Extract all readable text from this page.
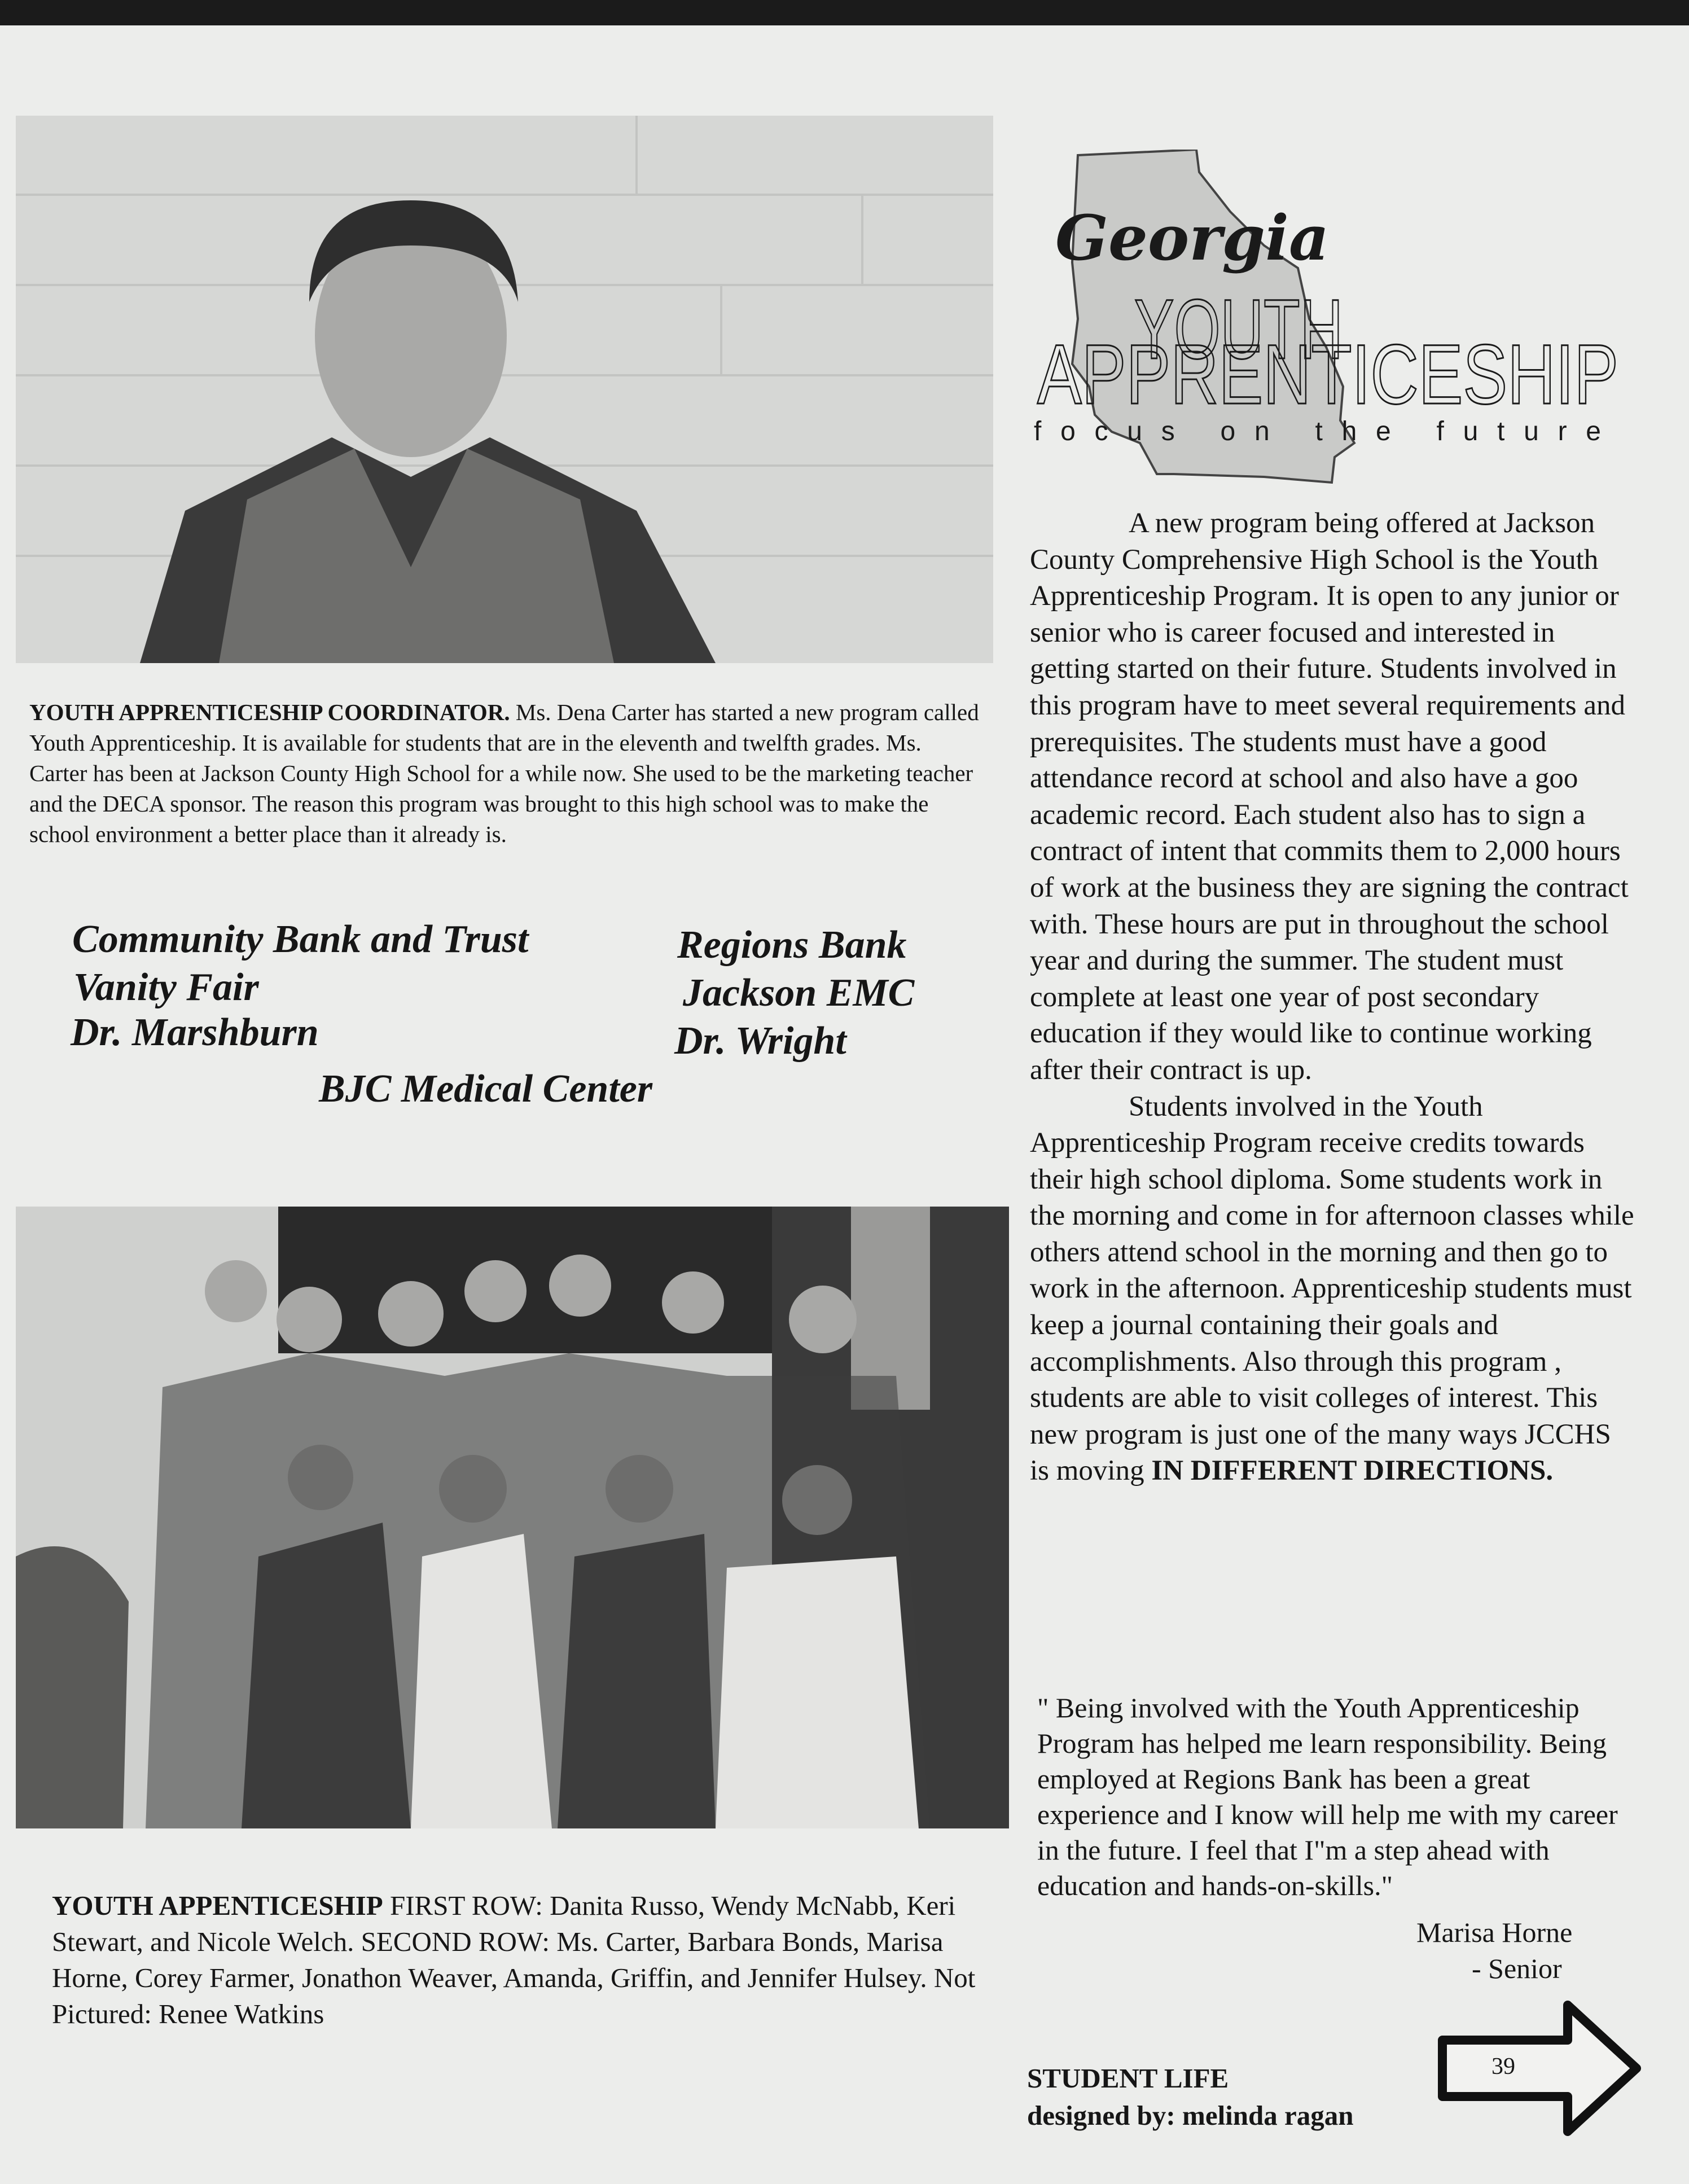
YOUTH APPRENTICESHIP COORDINATOR. Ms. Dena Carter has started a new program called Youth Apprenticeship. It is available for students that are in the eleventh and twelfth grades. Ms. Carter has been at Jackson County High School for a while now. She used to be the marketing teacher and the DECA sponsor. The reason this program was brought to this high school was to make the school environment a better place than it already is.
Community Bank and Trust
Vanity Fair
Dr. Marshburn
Regions Bank
Jackson EMC
Dr. Wright
BJC Medical Center
YOUTH APPENTICESHIP FIRST ROW: Danita Russo, Wendy McNabb, Keri Stewart, and Nicole Welch. SECOND ROW: Ms. Carter, Barbara Bonds, Marisa Horne, Corey Farmer, Jonathon Weaver, Amanda, Griffin, and Jennifer Hulsey. Not Pictured: Renee Watkins
Georgia
YOUTH
APPRENTICESHIP
focus on the future

A new program being offered at Jackson County Comprehensive High School is the Youth Apprenticeship Program. It is open to any junior or senior who is career focused and interested in getting started on their future. Students involved in this program have to meet several requirements and prerequisites. The students must have a good attendance record at school and also have a goo academic record. Each student also has to sign a contract of intent that commits them to 2,000 hours of work at the business they are signing the contract with. These hours are put in throughout the school year and during the summer. The student must complete at least one year of post secondary education if they would like to continue working after their contract is up.

Students involved in the Youth Apprenticeship Program receive credits towards their high school diploma. Some students work in the morning and come in for afternoon classes while others attend school in the morning and then go to work in the afternoon. Apprenticeship students must keep a journal containing their goals and accomplishments. Also through this program , students are able to visit colleges of interest. This new program is just one of the many ways JCCHS is moving IN DIFFERENT DIRECTIONS.

" Being involved with the Youth Apprenticeship Program has helped me learn responsibility. Being employed at Regions Bank has been a great experience and I know will help me with my career in the future. I feel that I"m a step ahead with education and hands-on-skills."
Marisa Horne
- Senior
STUDENT LIFE
designed by: melinda ragan
39
